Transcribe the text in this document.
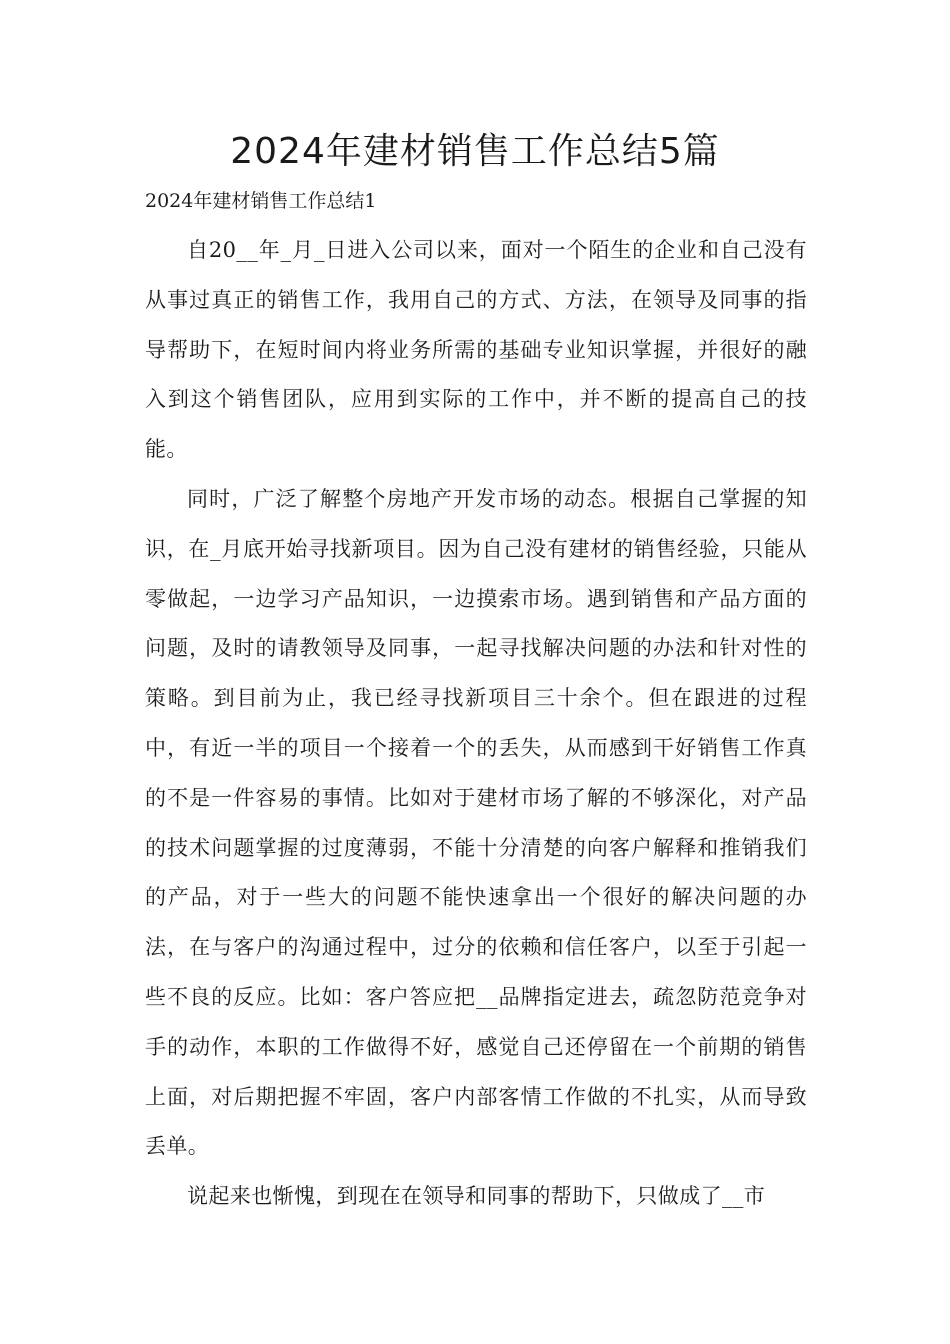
2024年建材销售工作总结5篇
2024年建材销售工作总结1

自20__年_月_日进入公司以来，面对一个陌生的企业和自己没有从事过真正的销售工作，我用自己的方式、方法，在领导及同事的指导帮助下，在短时间内将业务所需的基础专业知识掌握，并很好的融入到这个销售团队，应用到实际的工作中，并不断的提高自己的技能。

同时，广泛了解整个房地产开发市场的动态。根据自己掌握的知识，在_月底开始寻找新项目。因为自己没有建材的销售经验，只能从零做起，一边学习产品知识，一边摸索市场。遇到销售和产品方面的问题，及时的请教领导及同事，一起寻找解决问题的办法和针对性的策略。到目前为止，我已经寻找新项目三十余个。但在跟进的过程中，有近一半的项目一个接着一个的丢失，从而感到干好销售工作真的不是一件容易的事情。比如对于建材市场了解的不够深化，对产品的技术问题掌握的过度薄弱，不能十分清楚的向客户解释和推销我们的产品，对于一些大的问题不能快速拿出一个很好的解决问题的办法，在与客户的沟通过程中，过分的依赖和信任客户，以至于引起一些不良的反应。比如：客户答应把__品牌指定进去，疏忽防范竞争对手的动作，本职的工作做得不好，感觉自己还停留在一个前期的销售上面，对后期把握不牢固，客户内部客情工作做的不扎实，从而导致丢单。

说起来也惭愧，到现在在领导和同事的帮助下，只做成了__市
